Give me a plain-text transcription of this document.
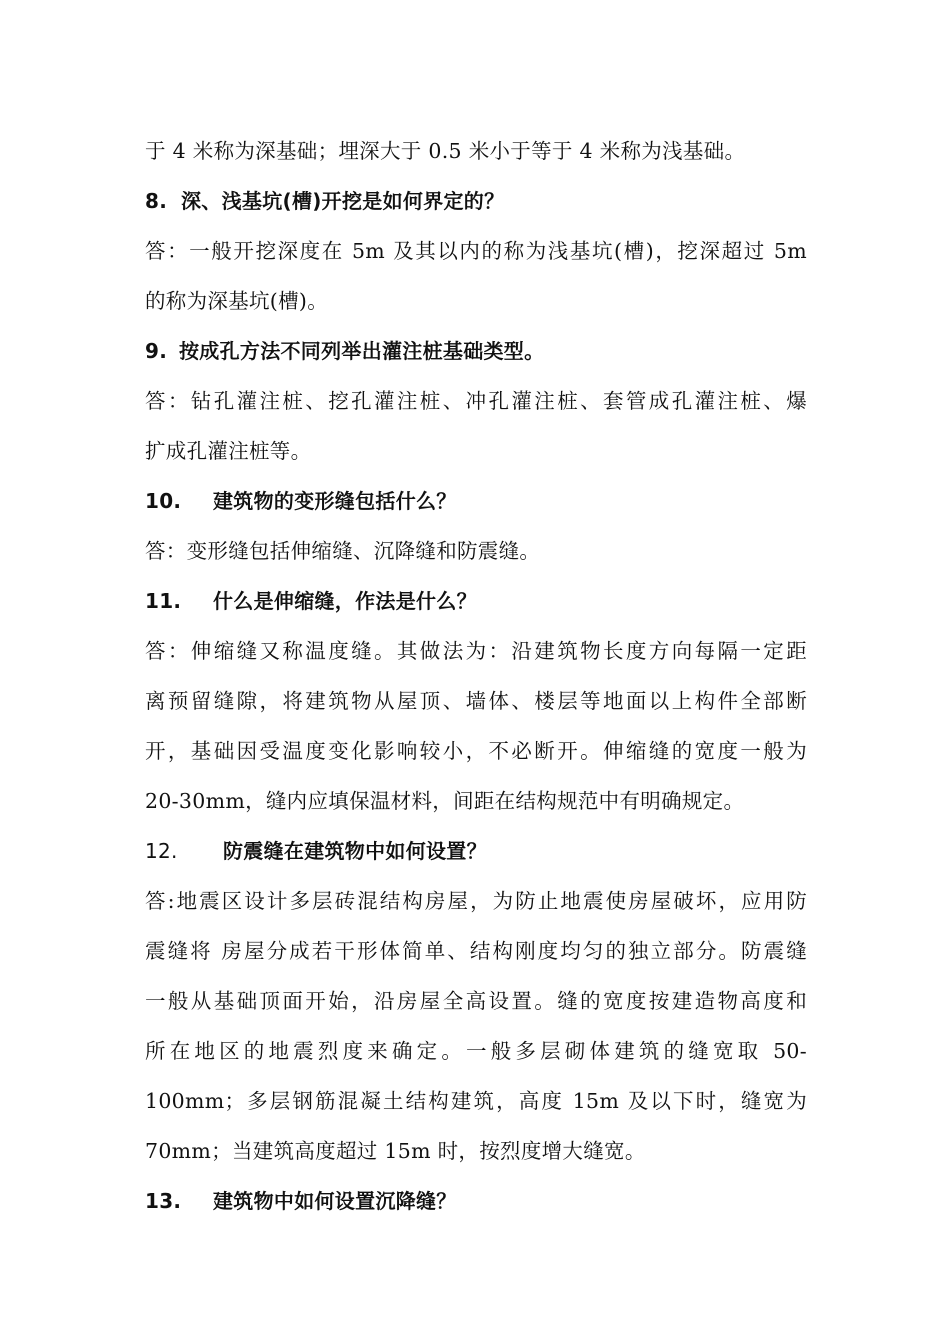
于 4 米称为深基础；埋深大于 0.5 米小于等于 4 米称为浅基础。
8. 深、浅基坑(槽)开挖是如何界定的？
答：一般开挖深度在 5m 及其以内的称为浅基坑(槽)，挖深超过 5m
的称为深基坑(槽)。
9. 按成孔方法不同列举出灌注桩基础类型。
答：钻孔灌注桩、挖孔灌注桩、冲孔灌注桩、套管成孔灌注桩、爆
扩成孔灌注桩等。
10. 建筑物的变形缝包括什么？
答：变形缝包括伸缩缝、沉降缝和防震缝。
11. 什么是伸缩缝，作法是什么？
答：伸缩缝又称温度缝。其做法为：沿建筑物长度方向每隔一定距
离预留缝隙，将建筑物从屋顶、墙体、楼层等地面以上构件全部断
开，基础因受温度变化影响较小，不必断开。伸缩缝的宽度一般为
20-30mm，缝内应填保温材料，间距在结构规范中有明确规定。
12. 防震缝在建筑物中如何设置？
答:地震区设计多层砖混结构房屋，为防止地震使房屋破坏，应用防
震缝将 房屋分成若干形体简单、结构刚度均匀的独立部分。防震缝
一般从基础顶面开始，沿房屋全高设置。缝的宽度按建造物高度和
所在地区的地震烈度来确定。一般多层砌体建筑的缝宽取 50-
100mm；多层钢筋混凝土结构建筑，高度 15m 及以下时，缝宽为
70mm；当建筑高度超过 15m 时，按烈度增大缝宽。
13. 建筑物中如何设置沉降缝？
